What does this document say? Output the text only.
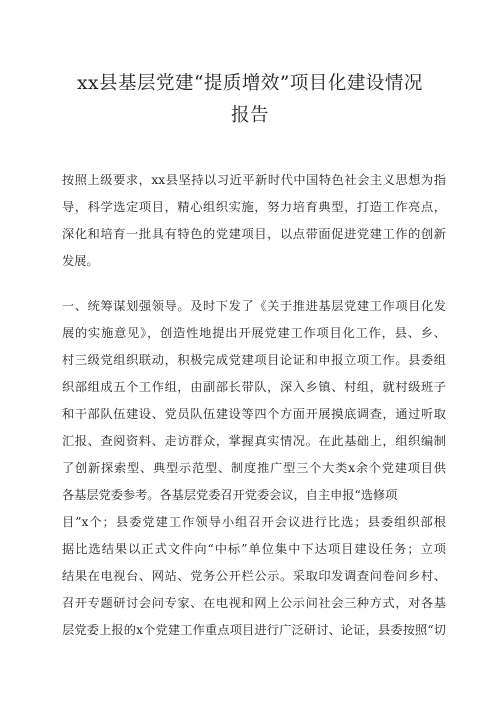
xx县基层党建“提质增效”项目化建设情况
报告
按照上级要求，xx县坚持以习近平新时代中国特色社会主义思想为指
导，科学选定项目，精心组织实施，努力培育典型，打造工作亮点，
深化和培育一批具有特色的党建项目，以点带面促进党建工作的创新
发展。
一、统筹谋划强领导。及时下发了《关于推进基层党建工作项目化发
展的实施意见》，创造性地提出开展党建工作项目化工作，县、乡、
村三级党组织联动，积极完成党建项目论证和申报立项工作。县委组
织部组成五个工作组，由副部长带队，深入乡镇、村组，就村级班子
和干部队伍建设、党员队伍建设等四个方面开展摸底调查，通过听取
汇报、查阅资料、走访群众，掌握真实情况。在此基础上，组织编制
了创新探索型、典型示范型、制度推广型三个大类x余个党建项目供
各基层党委参考。各基层党委召开党委会议，自主申报“选修项
目”x个；县委党建工作领导小组召开会议进行比选；县委组织部根
据比选结果以正式文件向“中标”单位集中下达项目建设任务；立项
结果在电视台、网站、党务公开栏公示。采取印发调查问卷问乡村、
召开专题研讨会问专家、在电视和网上公示问社会三种方式，对各基
层党委上报的x个党建工作重点项目进行广泛研讨、论证，县委按照“切
